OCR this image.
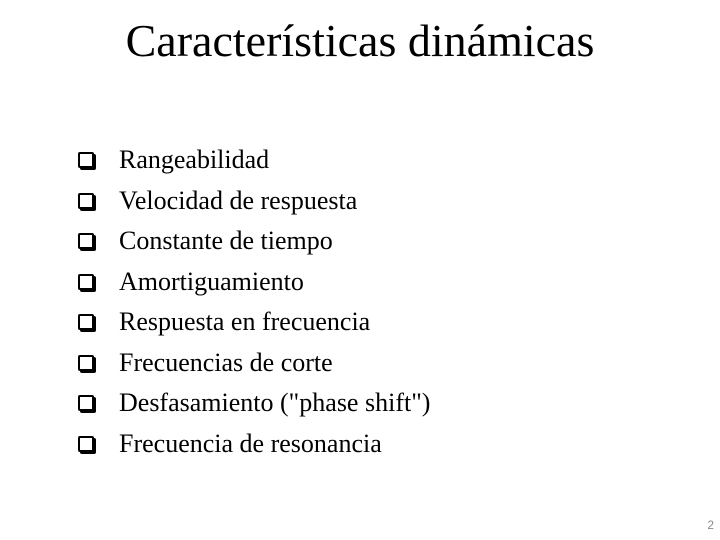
Características dinámicas
Rangeabilidad
Velocidad de respuesta
Constante de tiempo
Amortiguamiento
Respuesta en frecuencia
Frecuencias de corte
Desfasamiento ("phase shift")
Frecuencia de resonancia
2
